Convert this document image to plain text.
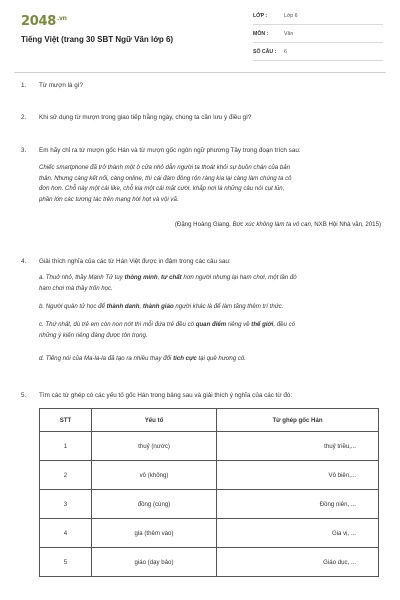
$2048^{.vn}$
Tiếng Việt (trang 30 SBT Ngữ Văn lớp 6)
LỚP :	Lớp 6
MÔN :	Văn
SỐ CÂU : 6
1.	Từ mượn là gì?
2.	Khi sử dụng từ mượn trong giao tiếp hằng ngày, chúng ta cần lưu ý điều gì?
3.	Em hãy chỉ ra từ mượn gốc Hán và từ mượn gốc ngôn ngữ phương Tây trong đoạn trích sau:
Chiếc smartphone đã trở thành một ô cửa nhỏ dẫn người ta thoát khỏi sự buồn chán của bản
thân. Nhưng càng kết nối, càng online, thì cái đám đông rộn ràng kia lại càng làm chúng ta cô
đơn hơn. Chỗ này một cái like, chỗ kia một cái mặt cười, khắp nơi là những câu nói cụt lủn,
phần lớn các tương tác trên mạng hời hợt và vội vã.
(Đặng Hoàng Giang, Bức xúc không làm ta vô can, NXB Hội Nhà văn, 2015)
4.	Giải thích nghĩa của các từ Hán Việt được in đậm trong các câu sau:
a. Thuở nhỏ, thầy Mạnh Tử tuy thông minh, tư chất hơn người nhưng lại ham chơi, một lần đó
ham chơi mà thầy trốn học.
b. Người quân tử học để thành danh, thành giáo người khác là để làm tăng thêm trí thức.
c. Thứ nhất, dù trẻ em còn non nớt thì mỗi đứa trẻ đều có quan điểm riêng về thế giới, đều có
những ý kiến riêng đáng được tôn trọng.
d. Tiếng nói của Ma-la-la đã tạo ra nhiều thay đổi tích cực tại quê hương cô.
5.	Tìm các từ ghép có các yếu tố gốc Hán trong bảng sau và giải thích ý nghĩa của các từ đó:
STT	Yếu tố	Từ ghép gốc Hán
1	thuỷ (nước)	thuỷ triều,...
2	vô (không)	Vô biên,...
3	đồng (cùng)	Đồng niên, ...
4	gia (thêm vào)	Gia vị, ...
5	giáo (dạy bảo)	Giáo dục, ...
